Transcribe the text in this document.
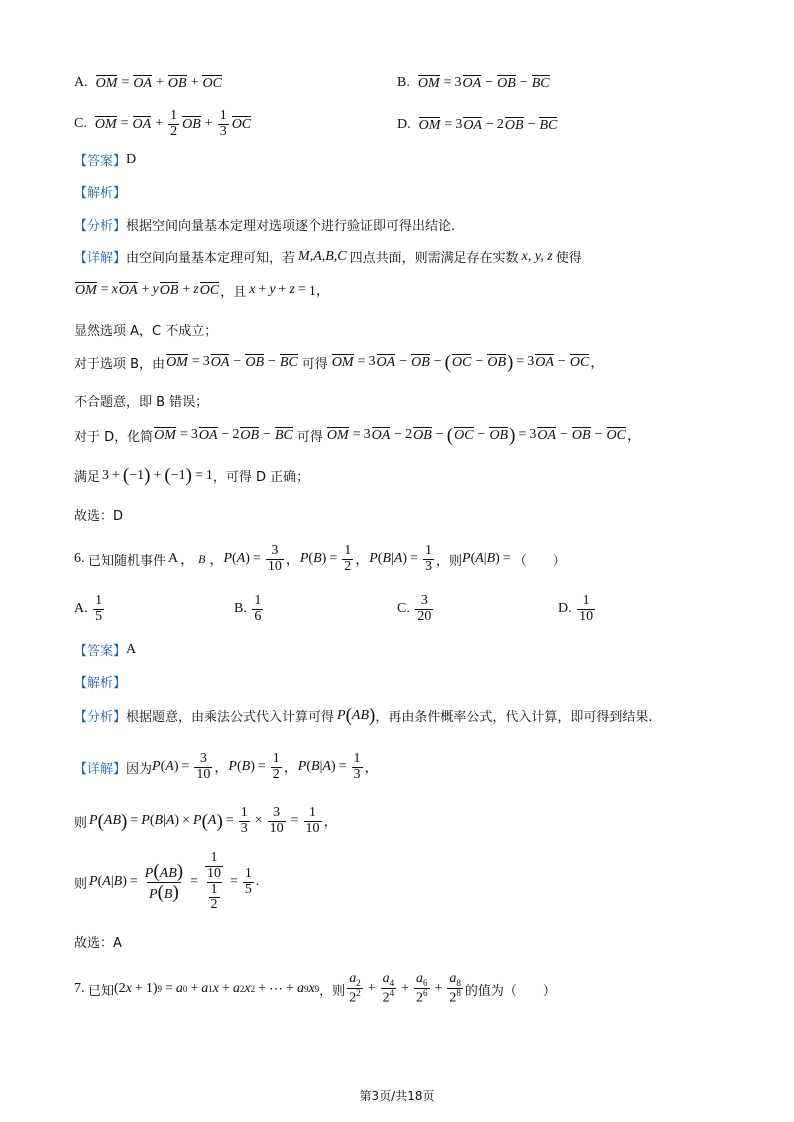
A.
OM = OA + OB + OC	B.
OM = 3 OA − OB − BC
C.
OM = OA + $\frac{1}{2}$ OB + $\frac{1}{3}$ OC	D.
OM = 3 OA − 2 OB − BC
【答案】 D
【解析】
【分析】 根据空间向量基本定理对选项逐个进行验证即可得出结论.
【详解】 由空间向量基本定理可知，若 M,A,B,C 四点共面，则需满足存在实数 x, y, z 使得
OM = x OA + y OB + z OC ，且 x + y + z = 1，
显然选项 A，C 不成立；
对于选项 B，由 OM = 3 OA − OB − BC 可得 OM = 3 OA − OB − ( OC − OB ) = 3 OA − OC ，
不合题意，即 B 错误；
对于 D，化简 OM = 3 OA − 2 OB − BC 可得 OM = 3 OA − 2 OB − ( OC − OB ) = 3 OA − OB − OC ，
满足 3 + ( −1 ) + ( −1 ) = 1 ，可得 D 正确；
故选：D
6.
已知随机事件 A ， B ， P ( A ) = $\frac{3}{10}$ ， P ( B ) = $\frac{1}{2}$ ， P ( B | A ) = $\frac{1}{3}$ ，则 P ( A | B ) = （　　）
A.
$\frac{1}{5}$	B.
$\frac{1}{6}$	C.
$\frac{3}{20}$	D.
$\frac{1}{10}$
【答案】 A
【解析】
【分析】 根据题意，由乘法公式代入计算可得 P ( AB ) ，再由条件概率公式，代入计算，即可得到结果.
【详解】 因为 P ( A ) = $\frac{3}{10}$ ， P ( B ) = $\frac{1}{2}$ ， P ( B | A ) = $\frac{1}{3}$ ，
则 P ( AB ) = P ( B | A ) × P ( A ) = $\frac{1}{3} \times \frac{3}{10} = \frac{1}{10}$ ，
则 P ( A | B ) = $\frac{P(AB)}{P(B)} = \frac{\frac{1}{10}}{\frac{1}{2}} = \frac{1}{5}$ .
故选：A
7.
已知 (2 x + 1) 9 = a 0 + a 1 x + a 2 x 2 + ⋯ + a 9 x 9 ，则 $\frac{a_2}{2^2} + \frac{a_4}{2^4} + \frac{a_6}{2^6} + \frac{a_8}{2^8}$ 的值为（　　）
第3页/共18页
